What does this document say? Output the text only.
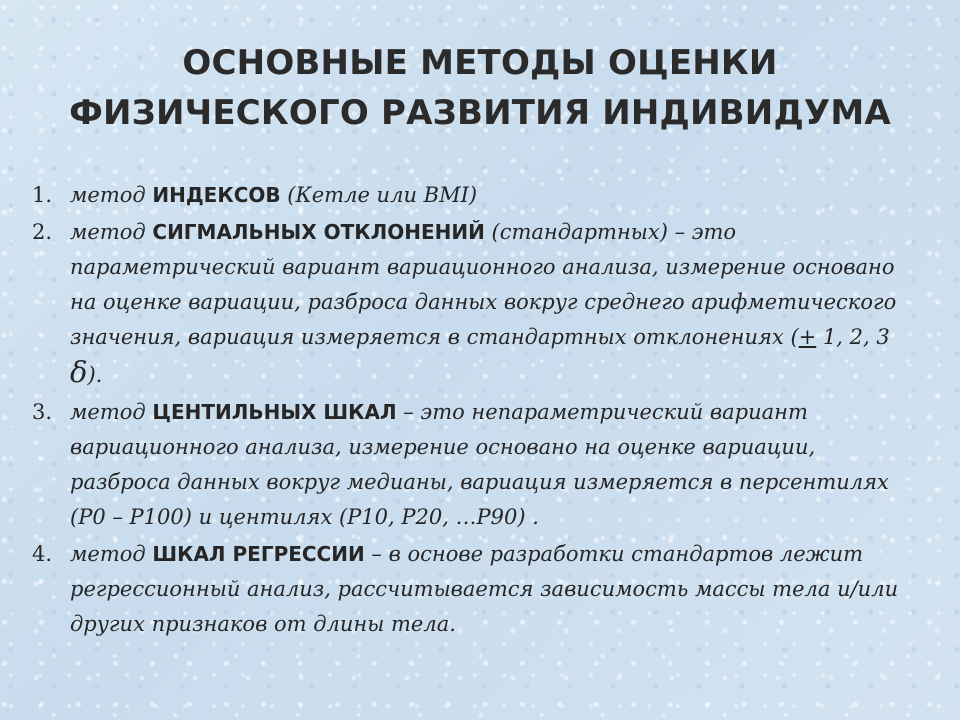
ОСНОВНЫЕ МЕТОДЫ ОЦЕНКИ
ФИЗИЧЕСКОГО РАЗВИТИЯ ИНДИВИДУМА
1. метод ИНДЕКСОВ (Кетле или BMI)
2. метод СИГМАЛЬНЫХ ОТКЛОНЕНИЙ (стандартных) – это параметрический вариант вариационного анализа, измерение основано на оценке вариации, разброса данных вокруг среднего арифметического значения, вариация измеряется в стандартных отклонениях (+ 1, 2, 3 δ).
3. метод ЦЕНТИЛЬНЫХ ШКАЛ – это непараметрический вариант вариационного анализа, измерение основано на оценке вариации, разброса данных вокруг медианы, вариация измеряется в персентилях (P0 – P100) и центилях (P10, P20, …P90) .
4. метод ШКАЛ РЕГРЕССИИ – в основе разработки стандартов лежит регрессионный анализ, рассчитывается зависимость массы тела и/или других признаков от длины тела.
